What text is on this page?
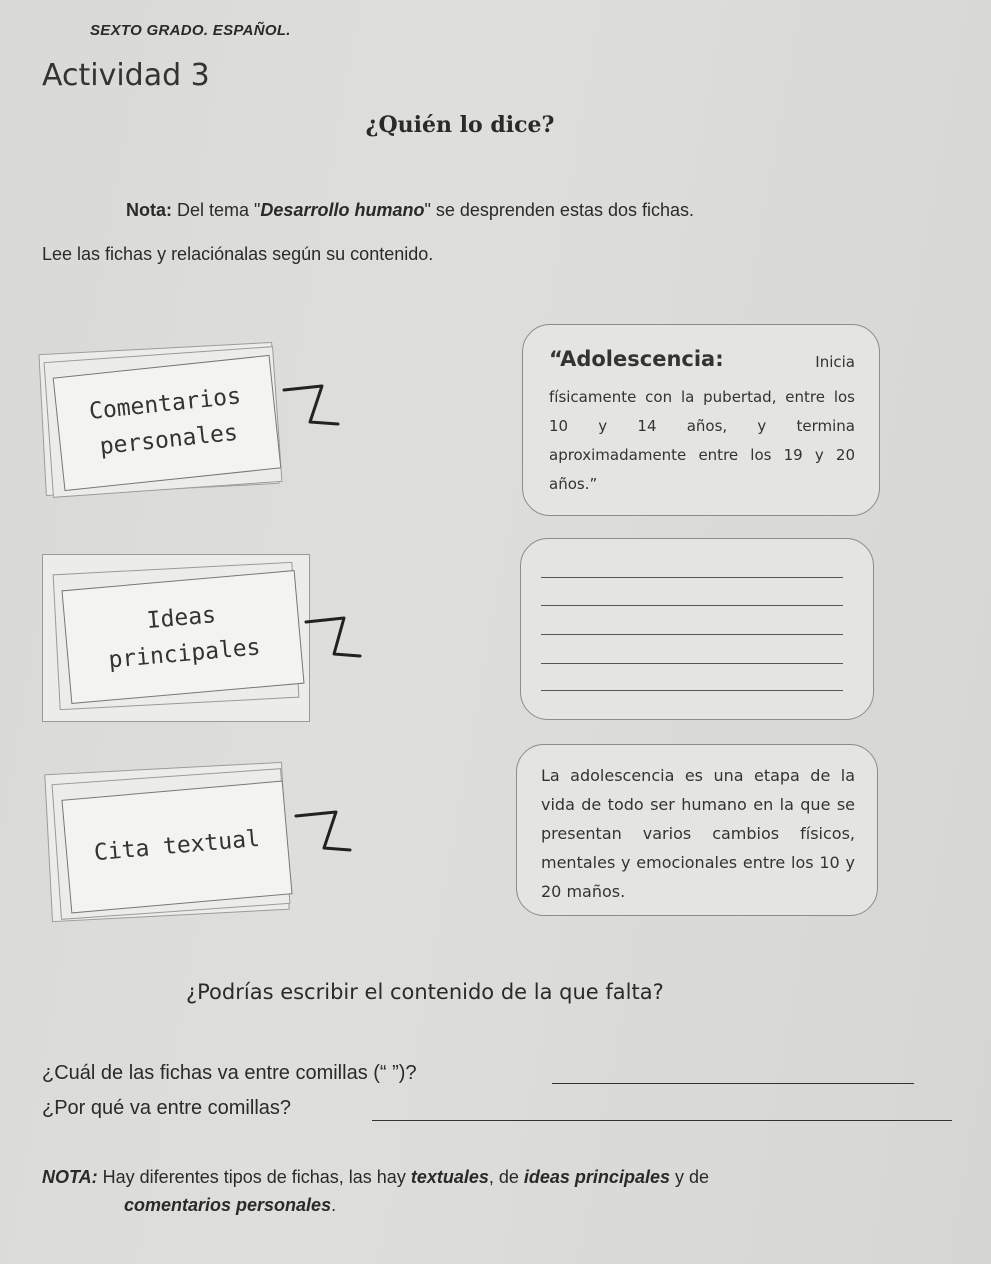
SEXTO GRADO. ESPAÑOL.
Actividad 3
¿Quién lo dice?
Nota: Del tema "Desarrollo humano" se desprenden estas dos fichas.
Lee las fichas y relaciónalas según su contenido.
Comentarios
personales
Ideas
principales
Cita textual
“Adolescencia:	Inicia
físicamente con la pubertad, entre los 10 y 14 años, y termina aproximadamente entre los 19 y 20 años.”
La adolescencia es una etapa de la vida de todo ser humano en la que se presentan varios cambios físicos, mentales y emocionales entre los 10 y 20 maños.
¿Podrías escribir el contenido de la que falta?
¿Cuál de las fichas va entre comillas (“ ”)?
¿Por qué va entre comillas?
NOTA: Hay diferentes tipos de fichas, las hay textuales, de ideas principales y de
comentarios personales.
